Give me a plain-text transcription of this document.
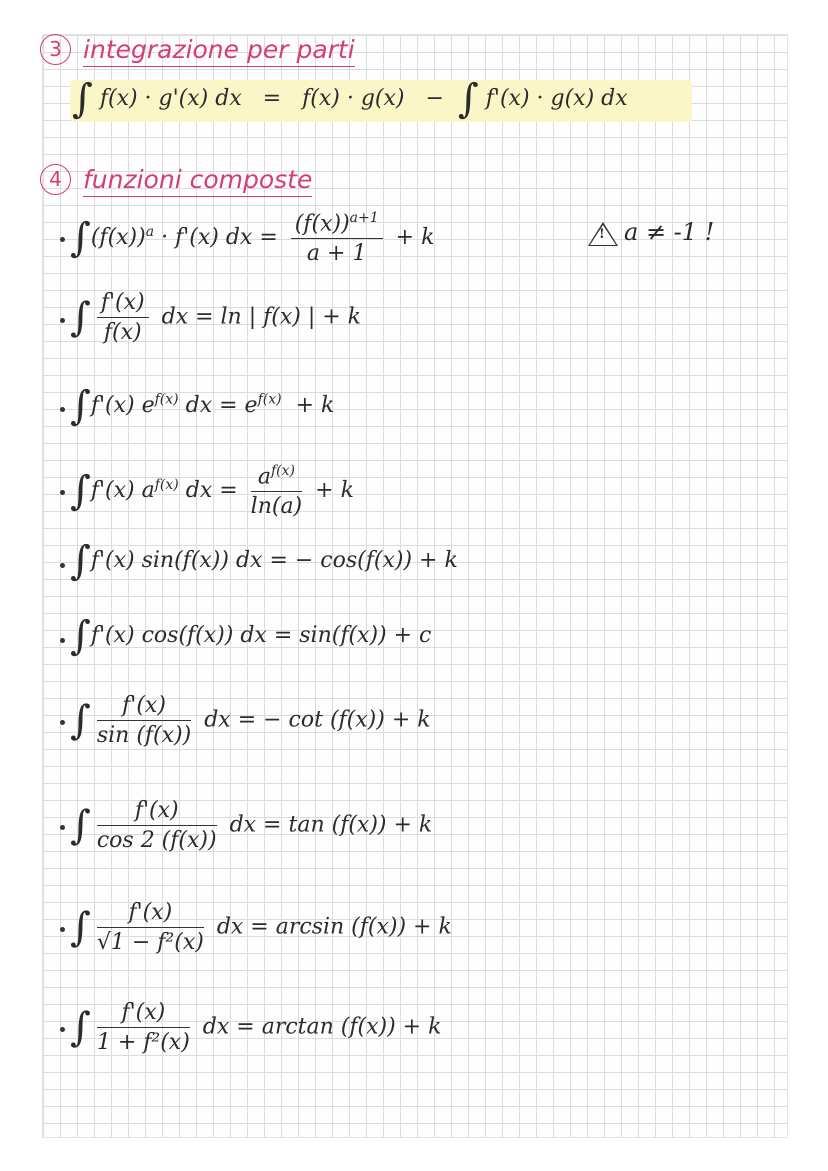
3 integrazione per parti
∫ f(x) · g'(x) dx = f(x) · g(x) − ∫ f'(x) · g(x) dx
4 funzioni composte
$\int(f(x))^a \cdot f'(x)$ dx = $\frac{(f(x))^{a+1}}{a + 1} + k$	! a ≠ -1 !
∫ $\frac{f'(x)}{f(x)}$ dx = ln | f(x) | + k
∫f'(x) $e^{f(x)}$ dx = $e^{f(x)} + k$
∫f'(x) $a^{f(x)}$ dx = $\frac{a^{f(x)}}{\ln(a)} + k$
∫f'(x) sin(f(x)) dx = − cos(f(x)) + k
∫f'(x) cos(f(x)) dx = sin(f(x)) + c
∫ $\frac{f'(x)}{\sin (f(x))}$ dx = − cot (f(x)) + k
∫ $\frac{f'(x)}{\cos 2 (f(x))}$ dx = tan (f(x)) + k
∫ $\frac{f'(x)}{\text{√1 − f²(x)}}$ dx = arcsin (f(x)) + k
∫ $\frac{f'(x)}{\text{1 + f²(x)}}$ dx = arctan (f(x)) + k
